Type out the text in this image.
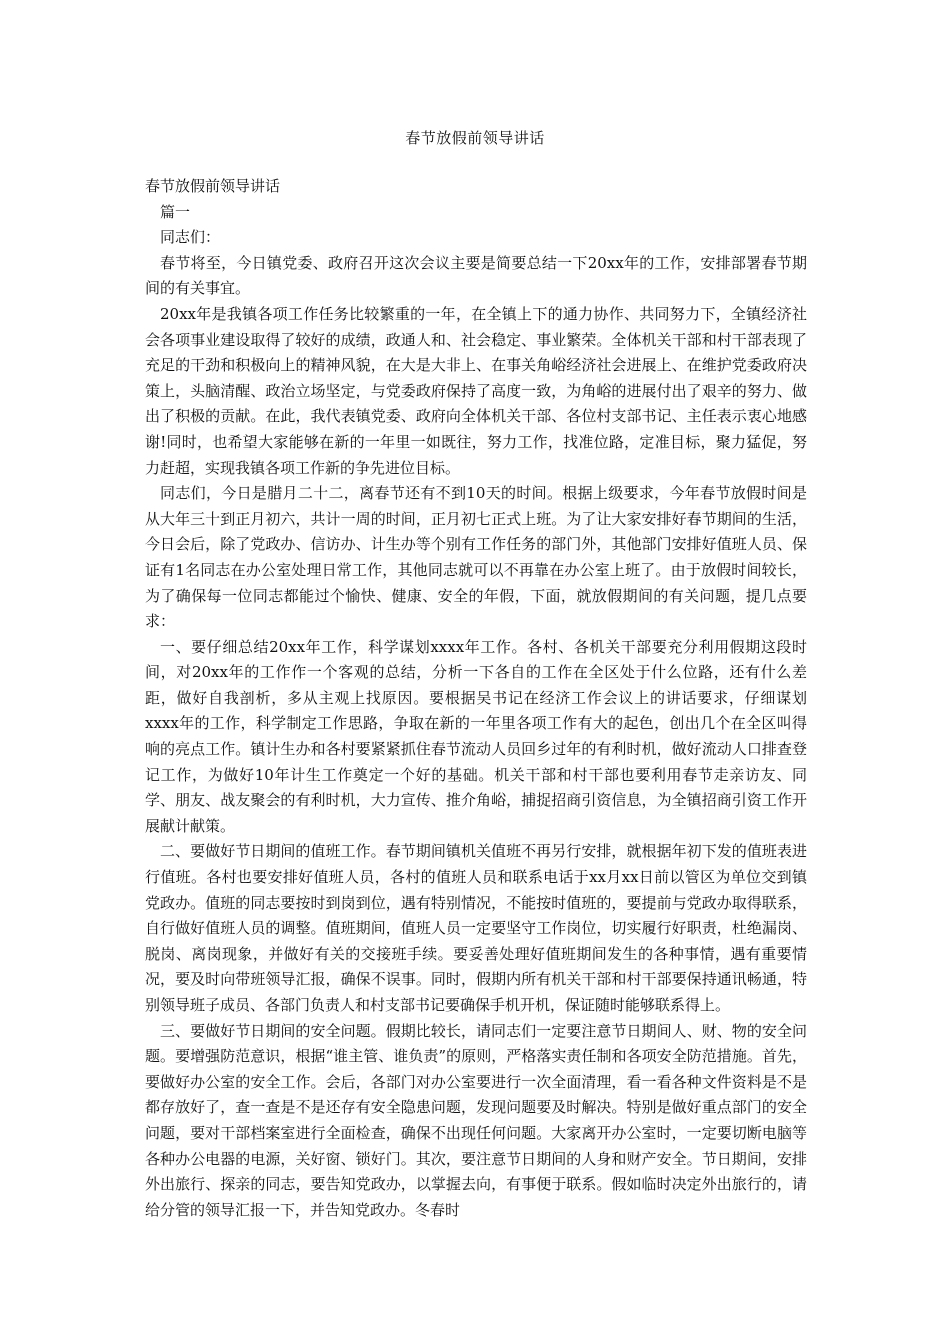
春节放假前领导讲话

春节放假前领导讲话

篇一

同志们：

春节将至，今日镇党委、政府召开这次会议主要是简要总结一下20xx年的工作，安排部署春节期间的有关事宜。

20xx年是我镇各项工作任务比较繁重的一年，在全镇上下的通力协作、共同努力下，全镇经济社会各项事业建设取得了较好的成绩，政通人和、社会稳定、事业繁荣。全体机关干部和村干部表现了充足的干劲和积极向上的精神风貌，在大是大非上、在事关角峪经济社会进展上、在维护党委政府决策上，头脑清醒、政治立场坚定，与党委政府保持了高度一致，为角峪的进展付出了艰辛的努力、做出了积极的贡献。在此，我代表镇党委、政府向全体机关干部、各位村支部书记、主任表示衷心地感谢!同时，也希望大家能够在新的一年里一如既往，努力工作，找准位路，定准目标，聚力猛促，努力赶超，实现我镇各项工作新的争先进位目标。

同志们，今日是腊月二十二，离春节还有不到10天的时间。根据上级要求，今年春节放假时间是从大年三十到正月初六，共计一周的时间，正月初七正式上班。为了让大家安排好春节期间的生活，今日会后，除了党政办、信访办、计生办等个别有工作任务的部门外，其他部门安排好值班人员、保证有1名同志在办公室处理日常工作，其他同志就可以不再靠在办公室上班了。由于放假时间较长，为了确保每一位同志都能过个愉快、健康、安全的年假，下面，就放假期间的有关问题，提几点要求：

一、要仔细总结20xx年工作，科学谋划xxxx年工作。各村、各机关干部要充分利用假期这段时间，对20xx年的工作作一个客观的总结，分析一下各自的工作在全区处于什么位路，还有什么差距，做好自我剖析，多从主观上找原因。要根据吴书记在经济工作会议上的讲话要求，仔细谋划xxxx年的工作，科学制定工作思路，争取在新的一年里各项工作有大的起色，创出几个在全区叫得响的亮点工作。镇计生办和各村要紧紧抓住春节流动人员回乡过年的有利时机，做好流动人口排查登记工作，为做好10年计生工作奠定一个好的基础。机关干部和村干部也要利用春节走亲访友、同学、朋友、战友聚会的有利时机，大力宣传、推介角峪，捕捉招商引资信息，为全镇招商引资工作开展献计献策。

二、要做好节日期间的值班工作。春节期间镇机关值班不再另行安排，就根据年初下发的值班表进行值班。各村也要安排好值班人员，各村的值班人员和联系电话于xx月xx日前以管区为单位交到镇党政办。值班的同志要按时到岗到位，遇有特别情况，不能按时值班的，要提前与党政办取得联系，自行做好值班人员的调整。值班期间，值班人员一定要坚守工作岗位，切实履行好职责，杜绝漏岗、脱岗、离岗现象，并做好有关的交接班手续。要妥善处理好值班期间发生的各种事情，遇有重要情况，要及时向带班领导汇报，确保不误事。同时，假期内所有机关干部和村干部要保持通讯畅通，特别领导班子成员、各部门负责人和村支部书记要确保手机开机，保证随时能够联系得上。

三、要做好节日期间的安全问题。假期比较长，请同志们一定要注意节日期间人、财、物的安全问题。要增强防范意识，根据“谁主管、谁负责”的原则，严格落实责任制和各项安全防范措施。首先，要做好办公室的安全工作。会后，各部门对办公室要进行一次全面清理，看一看各种文件资料是不是都存放好了，查一查是不是还存有安全隐患问题，发现问题要及时解决。特别是做好重点部门的安全问题，要对干部档案室进行全面检查，确保不出现任何问题。大家离开办公室时，一定要切断电脑等各种办公电器的电源，关好窗、锁好门。其次，要注意节日期间的人身和财产安全。节日期间，安排外出旅行、探亲的同志，要告知党政办，以掌握去向，有事便于联系。假如临时决定外出旅行的，请给分管的领导汇报一下，并告知党政办。冬春时
